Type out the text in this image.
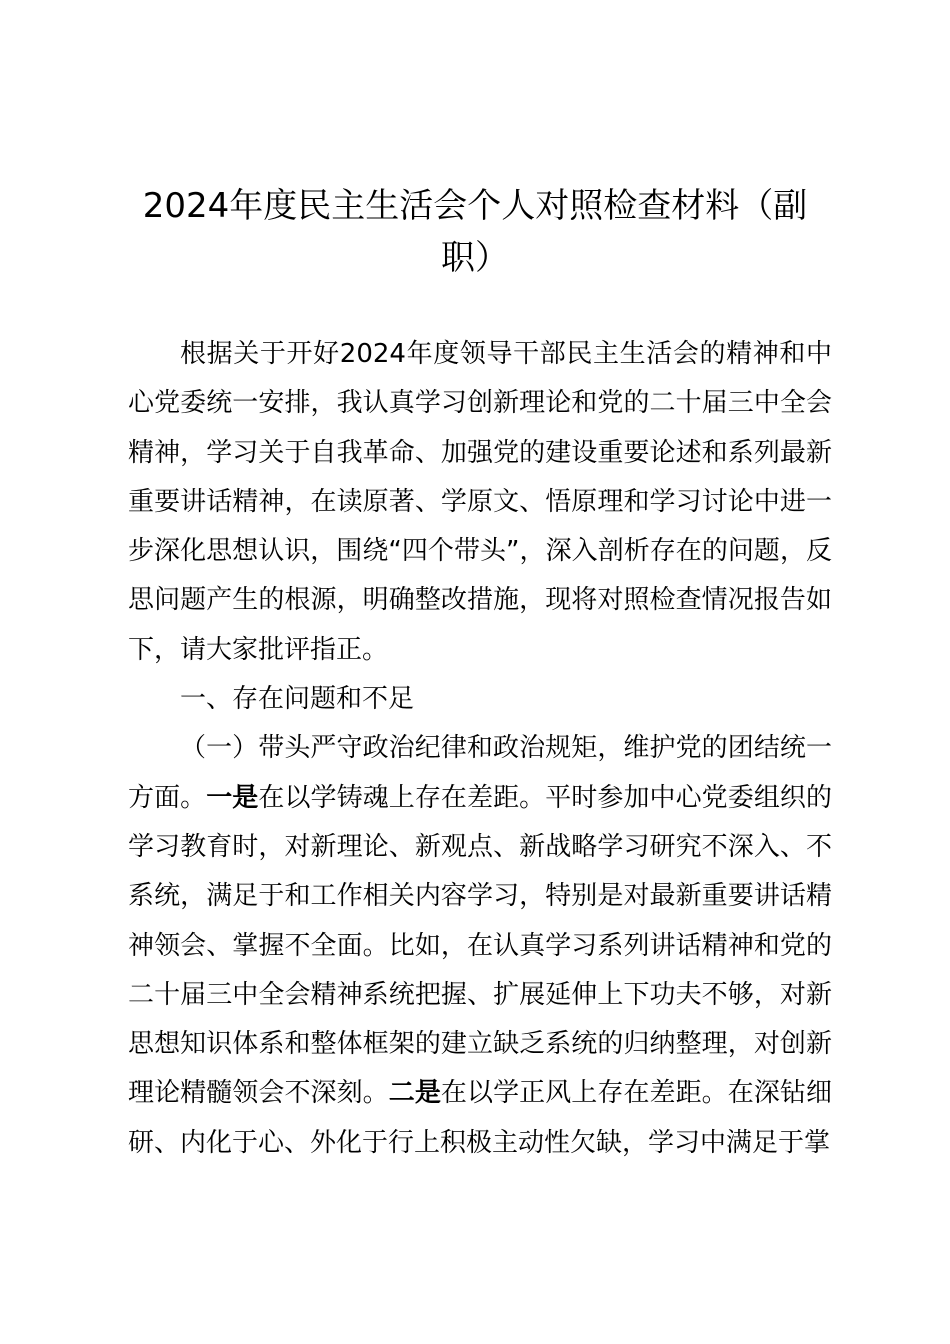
2024年度民主生活会个人对照检查材料（副职）

根据关于开好2024年度领导干部民主生活会的精神和中心党委统一安排，我认真学习创新理论和党的二十届三中全会精神，学习关于自我革命、加强党的建设重要论述和系列最新重要讲话精神，在读原著、学原文、悟原理和学习讨论中进一步深化思想认识，围绕“四个带头”，深入剖析存在的问题，反思问题产生的根源，明确整改措施，现将对照检查情况报告如下，请大家批评指正。

一、存在问题和不足

（一）带头严守政治纪律和政治规矩，维护党的团结统一方面。一是在以学铸魂上存在差距。平时参加中心党委组织的学习教育时，对新理论、新观点、新战略学习研究不深入、不系统，满足于和工作相关内容学习，特别是对最新重要讲话精神领会、掌握不全面。比如，在认真学习系列讲话精神和党的二十届三中全会精神系统把握、扩展延伸上下功夫不够，对新思想知识体系和整体框架的建立缺乏系统的归纳整理，对创新理论精髓领会不深刻。二是在以学正风上存在差距。在深钻细研、内化于心、外化于行上积极主动性欠缺，学习中满足于掌
